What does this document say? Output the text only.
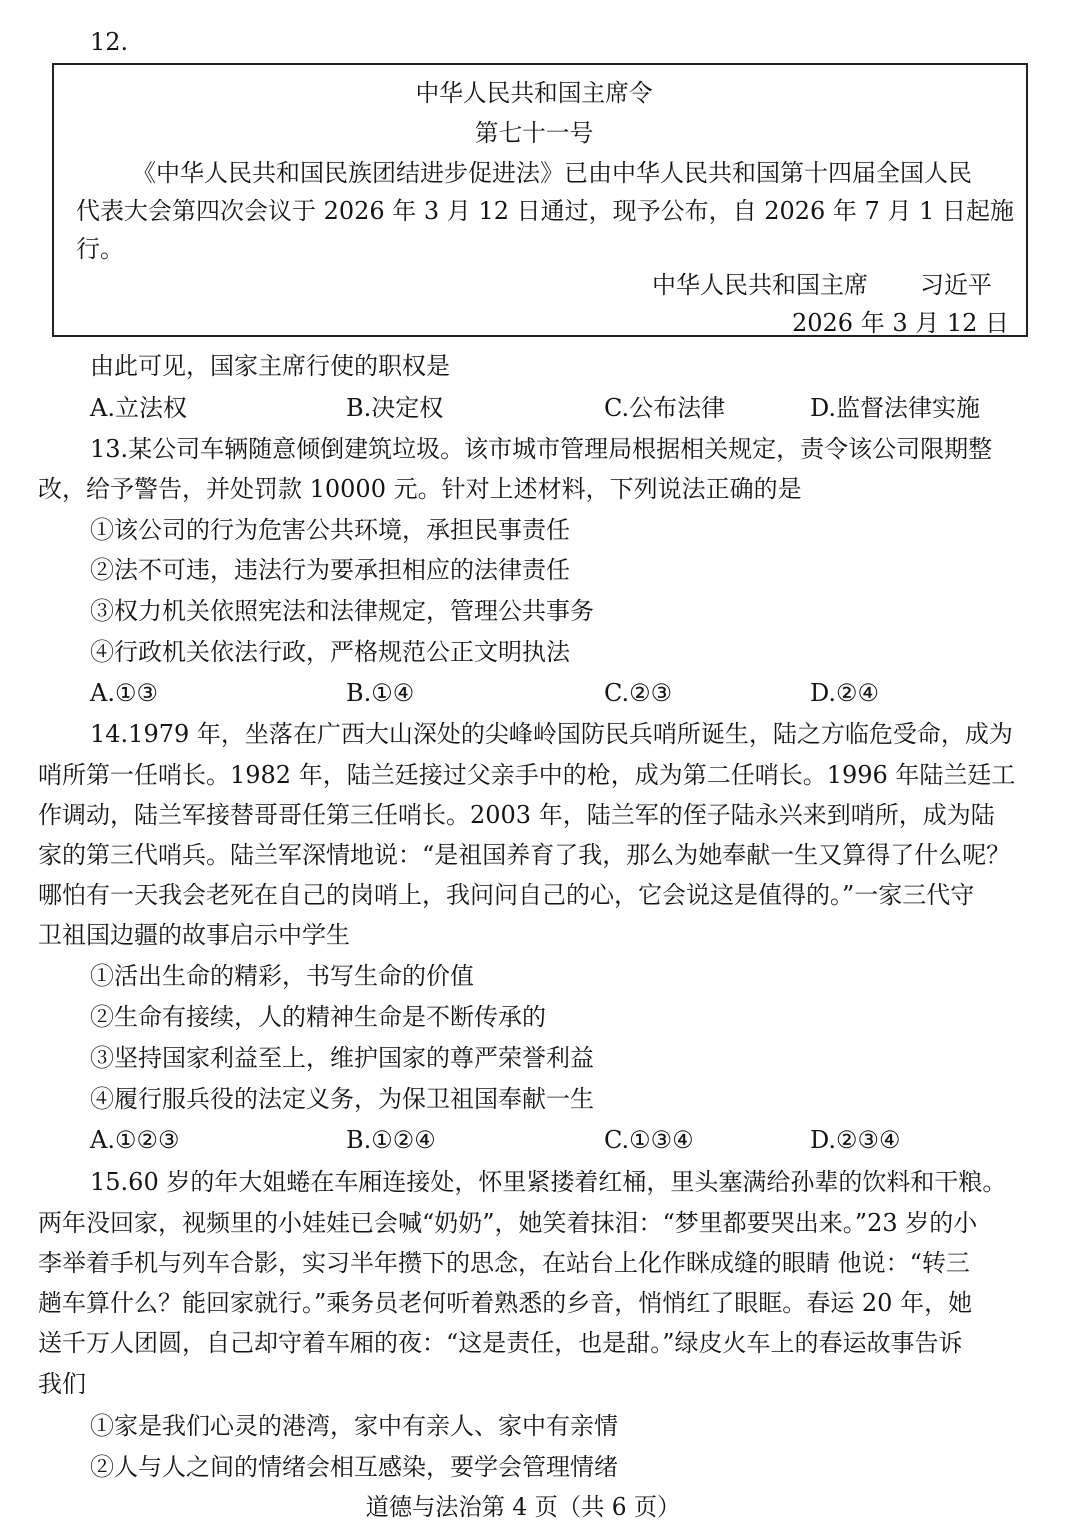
12.
中华人民共和国主席令
第七十一号
《中华人民共和国民族团结进步促进法》已由中华人民共和国第十四届全国人民
代表大会第四次会议于 2026 年 3 月 12 日通过，现予公布，自 2026 年 7 月 1 日起施
行。
中华人民共和国主席 习近平
2026 年 3 月 12 日
由此可见，国家主席行使的职权是
A.立法权	B.决定权	C.公布法律	D.监督法律实施
13.某公司车辆随意倾倒建筑垃圾。该市城市管理局根据相关规定，责令该公司限期整
改，给予警告，并处罚款 10000 元。针对上述材料，下列说法正确的是
①该公司的行为危害公共环境，承担民事责任
②法不可违，违法行为要承担相应的法律责任
③权力机关依照宪法和法律规定，管理公共事务
④行政机关依法行政，严格规范公正文明执法
A.①③	B.①④	C.②③	D.②④
14.1979 年，坐落在广西大山深处的尖峰岭国防民兵哨所诞生，陆之方临危受命，成为
哨所第一任哨长。1982 年，陆兰廷接过父亲手中的枪，成为第二任哨长。1996 年陆兰廷工
作调动，陆兰军接替哥哥任第三任哨长。2003 年，陆兰军的侄子陆永兴来到哨所，成为陆
家的第三代哨兵。陆兰军深情地说：“是祖国养育了我，那么为她奉献一生又算得了什么呢？
哪怕有一天我会老死在自己的岗哨上，我问问自己的心，它会说这是值得的。”一家三代守
卫祖国边疆的故事启示中学生
①活出生命的精彩，书写生命的价值
②生命有接续，人的精神生命是不断传承的
③坚持国家利益至上，维护国家的尊严荣誉利益
④履行服兵役的法定义务，为保卫祖国奉献一生
A.①②③	B.①②④	C.①③④	D.②③④
15.60 岁的年大姐蜷在车厢连接处，怀里紧搂着红桶，里头塞满给孙辈的饮料和干粮。
两年没回家，视频里的小娃娃已会喊“奶奶”，她笑着抹泪：“梦里都要哭出来。”23 岁的小
李举着手机与列车合影，实习半年攒下的思念，在站台上化作眯成缝的眼睛 他说：“转三
趟车算什么？能回家就行。”乘务员老何听着熟悉的乡音，悄悄红了眼眶。春运 20 年，她
送千万人团圆，自己却守着车厢的夜：“这是责任，也是甜。”绿皮火车上的春运故事告诉
我们
①家是我们心灵的港湾，家中有亲人、家中有亲情
②人与人之间的情绪会相互感染，要学会管理情绪
道德与法治第 4 页（共 6 页）
